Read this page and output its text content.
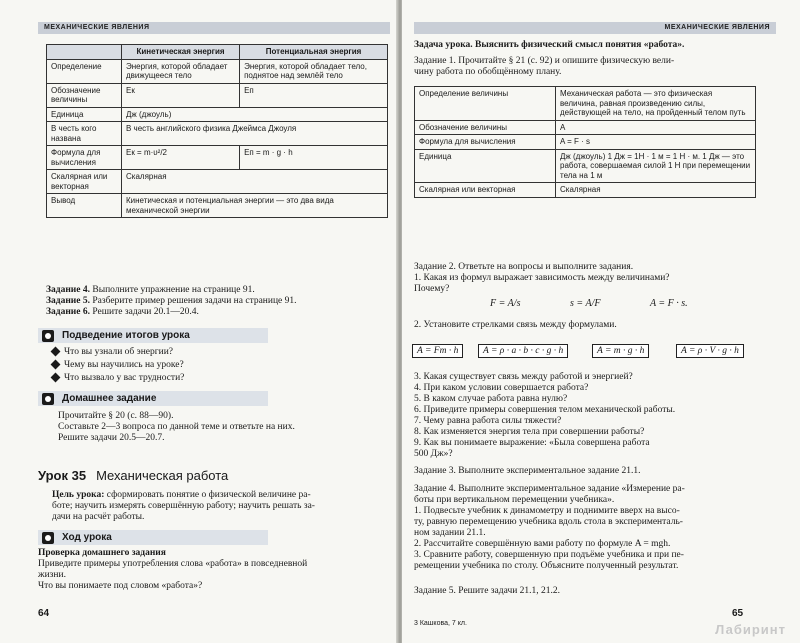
МЕХАНИЧЕСКИЕ ЯВЛЕНИЯ
	Кинетическая энергия	Потенциальная энергия
Определение	Энергия, которой обладает движущееся тело	Энергия, которой обладает тело, поднятое над землёй тело
Обозначение величины	Eк	Eп
Единица	Дж (джоуль)	
В честь кого названа	В честь английского физика Джеймса Джоуля	
Формула для вычисления	Eк = m·υ²/2	Eп = m · g · h
Скалярная или векторная	Скалярная	
Вывод	Кинетическая и потенциальная энергии — это два вида механической энергии	
Задание 4. Выполните упражнение на странице 91.
Задание 5. Разберите пример решения задачи на странице 91.
Задание 6. Решите задачи 20.1—20.4.
Подведение итогов урока
Что вы узнали об энергии?
Чему вы научились на уроке?
Что вызвало у вас трудности?
Домашнее задание
Прочитайте § 20 (с. 88—90).
Составьте 2—3 вопроса по данной теме и ответьте на них.
Решите задачи 20.5—20.7.
Урок 35 Механическая работа
Цель урока: сформировать понятие о физической величине ра-
боте; научить измерять совершённую работу; научить решать за-
дачи на расчёт работы.
Ход урока
Проверка домашнего задания
Приведите примеры употребления слова «работа» в повседневной
жизни.
Что вы понимаете под словом «работа»?
64
МЕХАНИЧЕСКИЕ ЯВЛЕНИЯ
Задача урока. Выяснить физический смысл понятия «работа».
Задание 1. Прочитайте § 21 (с. 92) и опишите физическую вели-
чину работа по обобщённому плану.
Определение величины	Механическая работа — это физическая величина, равная произведению силы, действующей на тело, на пройденный телом путь
Обозначение величины	A
Формула для вычисления	A = F · s
Единица	Дж (джоуль) 1 Дж = 1Н · 1 м = 1 Н · м. 1 Дж — это работа, совершаемая силой 1 Н при перемещении тела на 1 м
Скалярная или векторная	Скалярная
Задание 2. Ответьте на вопросы и выполните задания.
1. Какая из формул выражает зависимость между величинами?
Почему?
F = A/s	s = A/F	A = F · s.
2. Установите стрелками связь между формулами.
A = Fт · h	A = ρ · a · b · c · g · h	A = m · g · h	A = ρ · V · g · h
3. Какая существует связь между работой и энергией?
4. При каком условии совершается работа?
5. В каком случае работа равна нулю?
6. Приведите примеры совершения телом механической работы.
7. Чему равна работа силы тяжести?
8. Как изменяется энергия тела при совершении работы?
9. Как вы понимаете выражение: «Была совершена работа
500 Дж»?
Задание 3. Выполните экспериментальное задание 21.1.
Задание 4. Выполните экспериментальное задание «Измерение ра-
боты при вертикальном перемещении учебника».
1. Подвесьте учебник к динамометру и поднимите вверх на высо-
ту, равную перемещению учебника вдоль стола в эксперименталь-
ном задании 21.1.
2. Рассчитайте совершённую вами работу по формуле A = mgh.
3. Сравните работу, совершенную при подъёме учебника и при пе-
ремещении учебника по столу. Объясните полученный результат.
Задание 5. Решите задачи 21.1, 21.2.
3 Кашкова, 7 кл.
65
Лабиринт
